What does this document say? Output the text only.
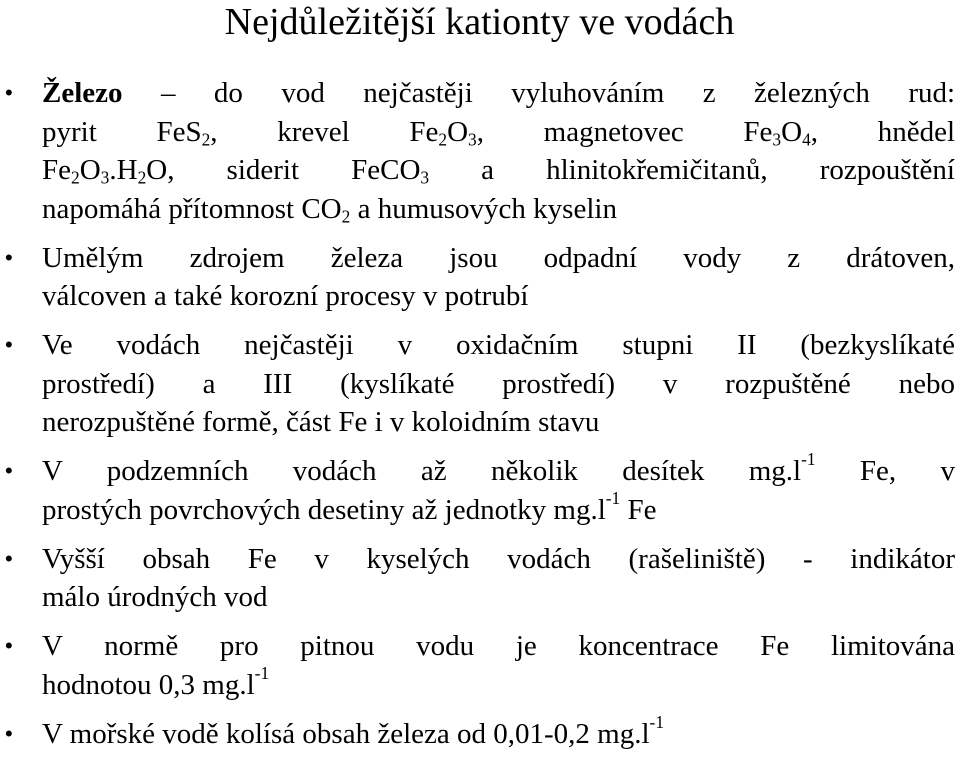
Nejdůležitější kationty ve vodách
• Železo – do vod nejčastěji vyluhováním z železných rud:
pyrit FeS$_2$, krevel $Fe_2O_3$, magnetovec $Fe_3O_4$, hnědel
$Fe_2O_3.H_2O$, siderit FeCO$_3$ a hlinitokřemičitanů, rozpouštění
napomáhá přítomnost $CO_2$ a humusových kyselin
• Umělým zdrojem železa jsou odpadní vody z drátoven,
válcoven a také korozní procesy v potrubí
• Ve vodách nejčastěji v oxidačním stupni II (bezkyslíkaté
prostředí) a III (kyslíkaté prostředí) v rozpuštěné nebo
nerozpuštěné formě, část Fe i v koloidním stavu
• V podzemních vodách až několik desítek $mg.l^{-1}$ Fe, v
prostých povrchových desetiny až jednotky $mg.l^{-1}$ Fe
• Vyšší obsah Fe v kyselých vodách (rašeliniště) - indikátor
málo úrodných vod
• V normě pro pitnou vodu je koncentrace Fe limitována
hodnotou 0,3 $mg.l^{-1}$
• V mořské vodě kolísá obsah železa od 0,01-0,2 $mg.l^{-1}$
